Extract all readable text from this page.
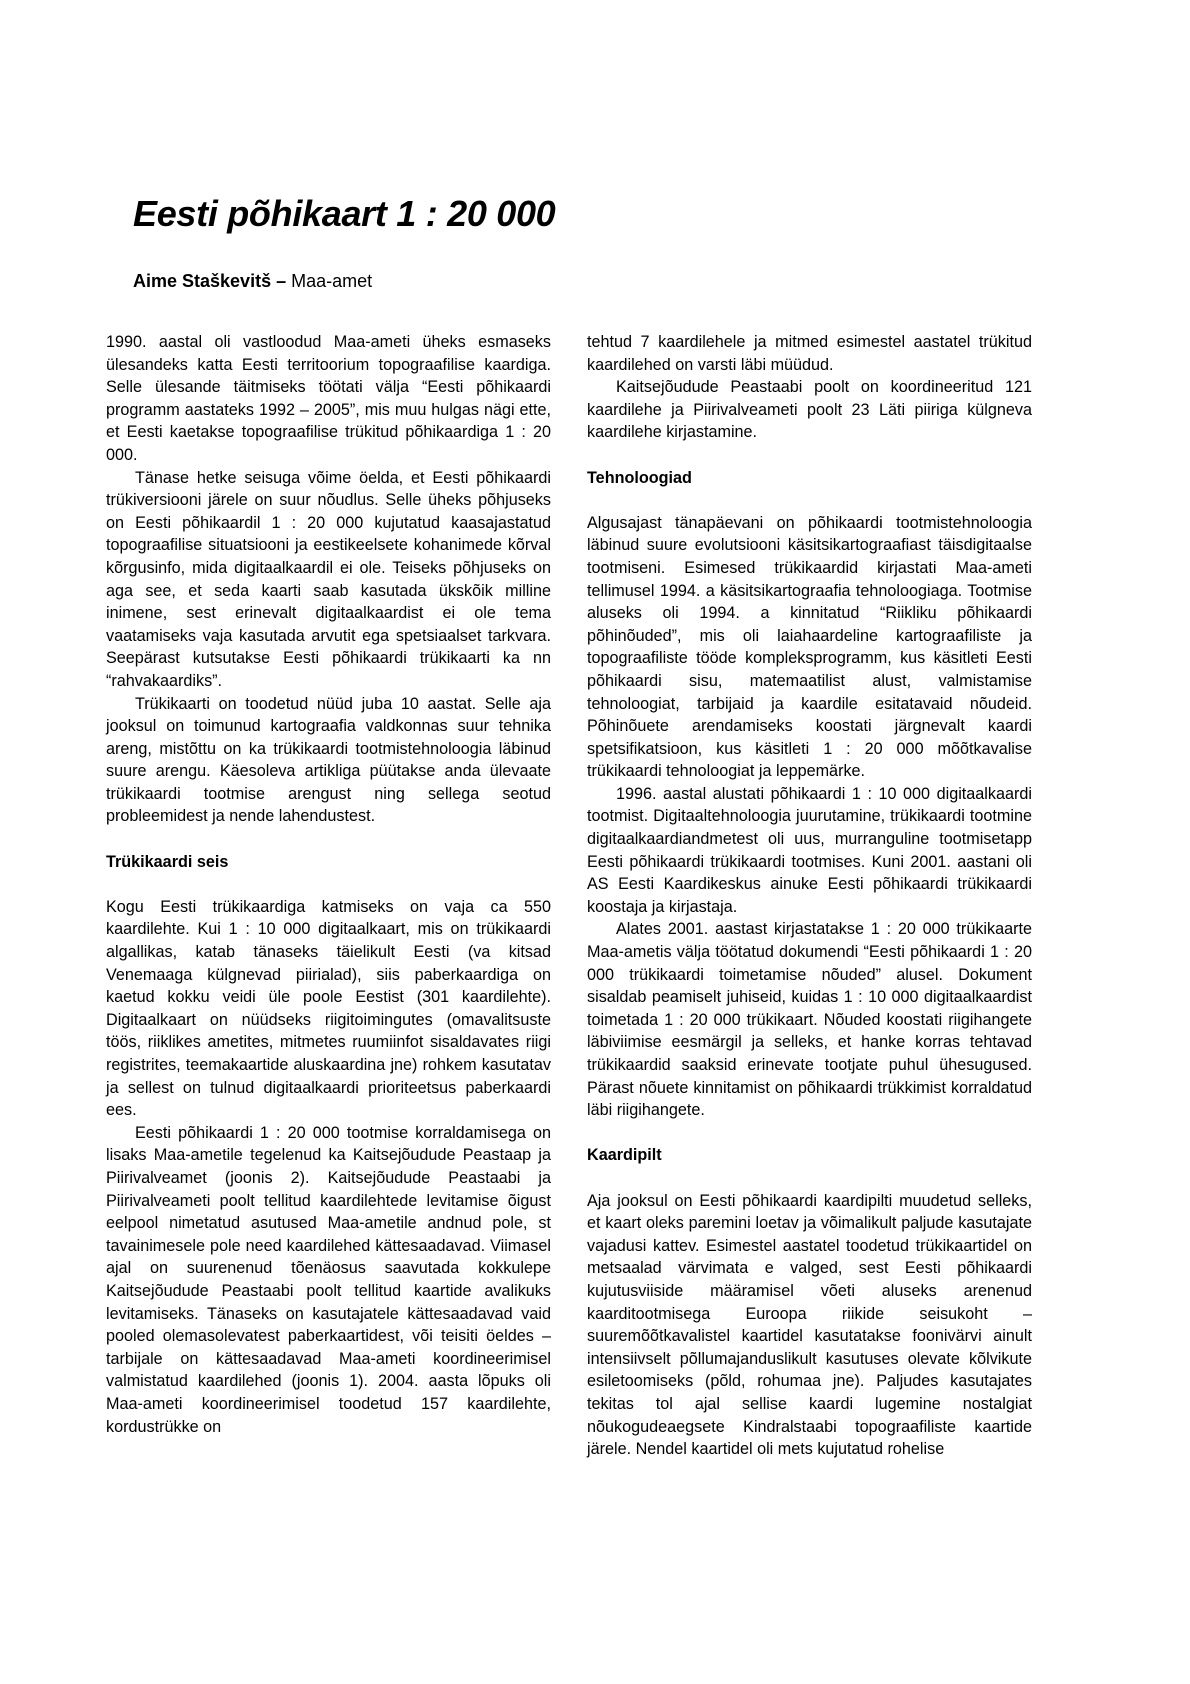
Eesti põhikaart 1 : 20 000

Aime Staškevitš – Maa-amet

1990. aastal oli vastloodud Maa-ameti üheks esmaseks ülesandeks katta Eesti territoorium topograafilise kaardiga. Selle ülesande täitmiseks töötati välja “Eesti põhikaardi programm aastateks 1992 – 2005”, mis muu hulgas nägi ette, et Eesti kaetakse topograafilise trükitud põhikaardiga 1 : 20 000.

Tänase hetke seisuga võime öelda, et Eesti põhikaardi trükiversiooni järele on suur nõudlus. Selle üheks põhjuseks on Eesti põhikaardil 1 : 20 000 kujutatud kaasajastatud topograafilise situatsiooni ja eestikeelsete kohanimede kõrval kõrgusinfo, mida digitaalkaardil ei ole. Teiseks põhjuseks on aga see, et seda kaarti saab kasutada ükskõik milline inimene, sest erinevalt digitaalkaardist ei ole tema vaatamiseks vaja kasutada arvutit ega spetsiaalset tarkvara. Seepärast kutsutakse Eesti põhikaardi trükikaarti ka nn “rahvakaardiks”.

Trükikaarti on toodetud nüüd juba 10 aastat. Selle aja jooksul on toimunud kartograafia valdkonnas suur tehnika areng, mistõttu on ka trükikaardi tootmistehnoloogia läbinud suure arengu. Käesoleva artikliga püütakse anda ülevaate trükikaardi tootmise arengust ning sellega seotud probleemidest ja nende lahendustest.

Trükikaardi seis

Kogu Eesti trükikaardiga katmiseks on vaja ca 550 kaardilehte. Kui 1 : 10 000 digitaalkaart, mis on trükikaardi algallikas, katab tänaseks täielikult Eesti (va kitsad Venemaaga külgnevad piirialad), siis paberkaardiga on kaetud kokku veidi üle poole Eestist (301 kaardilehte). Digitaalkaart on nüüdseks riigitoimingutes (omavalitsuste töös, riiklikes ametites, mitmetes ruumiinfot sisaldavates riigi registrites, teemakaartide aluskaardina jne) rohkem kasutatav ja sellest on tulnud digitaalkaardi prioriteetsus paberkaardi ees.

Eesti põhikaardi 1 : 20 000 tootmise korraldamisega on lisaks Maa-ametile tegelenud ka Kaitsejõudude Peastaap ja Piirivalveamet (joonis 2). Kaitsejõudude Peastaabi ja Piirivalveameti poolt tellitud kaardilehtede levitamise õigust eelpool nimetatud asutused Maa-ametile andnud pole, st tavainimesele pole need kaardilehed kättesaadavad. Viimasel ajal on suurenenud tõenäosus saavutada kokkulepe Kaitsejõudude Peastaabi poolt tellitud kaartide avalikuks levitamiseks. Tänaseks on kasutajatele kättesaadavad vaid pooled olemasolevatest paberkaartidest, või teisiti öeldes – tarbijale on kättesaadavad Maa-ameti koordineerimisel valmistatud kaardilehed (joonis 1). 2004. aasta lõpuks oli Maa-ameti koordineerimisel toodetud 157 kaardilehte, kordustrükke on

tehtud 7 kaardilehele ja mitmed esimestel aastatel trükitud kaardilehed on varsti läbi müüdud.

Kaitsejõudude Peastaabi poolt on koordineeritud 121 kaardilehe ja Piirivalveameti poolt 23 Läti piiriga külgneva kaardilehe kirjastamine.

Tehnoloogiad

Algusajast tänapäevani on põhikaardi tootmistehnoloogia läbinud suure evolutsiooni käsitsikartograafiast täisdigitaalse tootmiseni. Esimesed trükikaardid kirjastati Maa-ameti tellimusel 1994. a käsitsikartograafia tehnoloogiaga. Tootmise aluseks oli 1994. a kinnitatud “Riikliku põhikaardi põhinõuded”, mis oli laiahaardeline kartograafiliste ja topograafiliste tööde kompleksprogramm, kus käsitleti Eesti põhikaardi sisu, matemaatilist alust, valmistamise tehnoloogiat, tarbijaid ja kaardile esitatavaid nõudeid. Põhinõuete arendamiseks koostati järgnevalt kaardi spetsifikatsioon, kus käsitleti 1 : 20 000 mõõtkavalise trükikaardi tehnoloogiat ja leppemärke.

1996. aastal alustati põhikaardi 1 : 10 000 digitaalkaardi tootmist. Digitaaltehnoloogia juurutamine, trükikaardi tootmine digitaalkaardiandmetest oli uus, murranguline tootmisetapp Eesti põhikaardi trükikaardi tootmises. Kuni 2001. aastani oli AS Eesti Kaardikeskus ainuke Eesti põhikaardi trükikaardi koostaja ja kirjastaja.

Alates 2001. aastast kirjastatakse 1 : 20 000 trükikaarte Maa-ametis välja töötatud dokumendi “Eesti põhikaardi 1 : 20 000 trükikaardi toimetamise nõuded” alusel. Dokument sisaldab peamiselt juhiseid, kuidas 1 : 10 000 digitaalkaardist toimetada 1 : 20 000 trükikaart. Nõuded koostati riigihangete läbiviimise eesmärgil ja selleks, et hanke korras tehtavad trükikaardid saaksid erinevate tootjate puhul ühesugused. Pärast nõuete kinnitamist on põhikaardi trükkimist korraldatud läbi riigihangete.

Kaardipilt

Aja jooksul on Eesti põhikaardi kaardipilti muudetud selleks, et kaart oleks paremini loetav ja võimalikult paljude kasutajate vajadusi kattev. Esimestel aastatel toodetud trükikaartidel on metsaalad värvimata e valged, sest Eesti põhikaardi kujutusviiside määramisel võeti aluseks arenenud kaarditootmisega Euroopa riikide seisukoht – suuremõõtkavalistel kaartidel kasutatakse foonivärvi ainult intensiivselt põllumajanduslikult kasutuses olevate kõlvikute esiletoomiseks (põld, rohumaa jne). Paljudes kasutajates tekitas tol ajal sellise kaardi lugemine nostalgiat nõukogudeaegsete Kindralstaabi topograafiliste kaartide järele. Nendel kaartidel oli mets kujutatud rohelise
